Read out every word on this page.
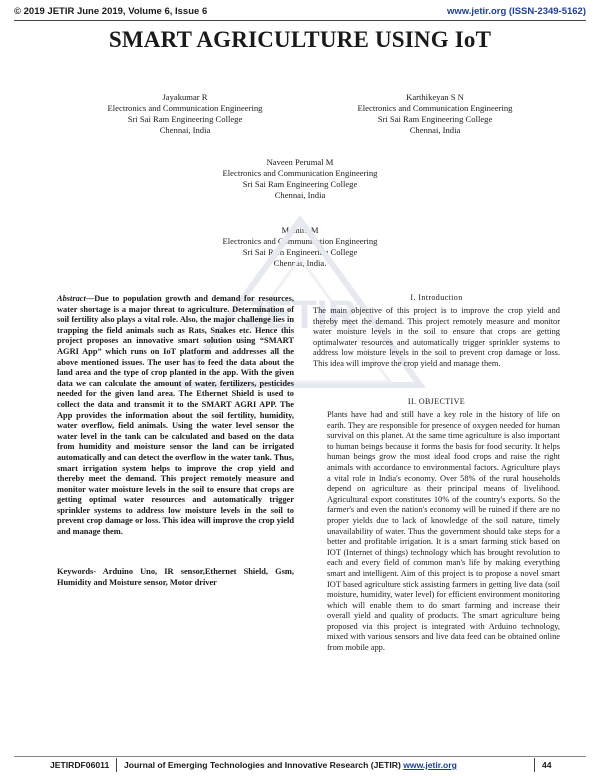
© 2019 JETIR June 2019, Volume 6, Issue 6	www.jetir.org (ISSN-2349-5162)
SMART AGRICULTURE USING IoT
Jayakumar R
Electronics and Communication Engineering
Sri Sai Ram Engineering College
Chennai, India
Karthikeyan S N
Electronics and Communication Engineering
Sri Sai Ram Engineering College
Chennai, India
Naveen Perumal M
Electronics and Communication Engineering
Sri Sai Ram Engineering College
Chennai, India
Methini M
Electronics and Communication Engineering
Sri Sai Ram Engineering College
Chennai, India.
JETIR
Abstract—Due to population growth and demand for resources, water shortage is a major threat to agriculture. Determination of soil fertility also plays a vital role. Also, the major challenge lies in trapping the field animals such as Rats, Snakes etc. Hence this project proposes an innovative smart solution using “SMART AGRI App” which runs on IoT platform and addresses all the above mentioned issues. The user has to feed the data about the land area and the type of crop planted in the app. With the given data we can calculate the amount of water, fertilizers, pesticides needed for the given land area. The Ethernet Shield is used to collect the data and transmit it to the SMART AGRI APP. The App provides the information about the soil fertility, humidity, water overflow, field animals. Using the water level sensor the water level in the tank can be calculated and based on the data from humidity and moisture sensor the land can be irrigated automatically and can detect the overflow in the water tank. Thus, smart irrigation system helps to improve the crop yield and thereby meet the demand. This project remotely measure and monitor water moisture levels in the soil to ensure that crops are getting optimal water resources and automatically trigger sprinkler systems to address low moisture levels in the soil to prevent crop damage or loss. This idea will improve the crop yield and manage them.
Keywords- Arduino Uno, IR sensor,Ethernet Shield, Gsm, Humidity and Moisture sensor, Motor driver
I. Introduction
The main objective of this project is to improve the crop yield and thereby meet the demand. This project remotely measure and monitor water moisture levels in the soil to ensure that crops are getting optimalwater resources and automatically trigger sprinkler systems to address low moisture levels in the soil to prevent crop damage or loss. This idea will improve the crop yield and manage them.
II. OBJECTIVE
Plants have had and still have a key role in the history of life on earth. They are responsible for presence of oxygen needed for human survival on this planet. At the same time agriculture is also important to human beings because it forms the basis for food security. It helps human beings grow the most ideal food crops and raise the right animals with accordance to environmental factors. Agriculture plays a vital role in India's economy. Over 58% of the rural households depend on agriculture as their principal means of livelihood. Agricultural export constitutes 10% of the country's exports. So the farmer's and even the nation's economy will be ruined if there are no proper yields due to lack of knowledge of the soil nature, timely unavailability of water. Thus the government should take steps for a better and profitable irrigation. It is a smart farming stick based on IOT (Internet of things) technology which has brought revolution to each and every field of common man's life by making everything smart and intelligent. Aim of this project is to propose a novel smart IOT based agriculture stick assisting farmers in getting live data (soil moisture, humidity, water level) for efficient environment monitoring which will enable them to do smart farming and increase their overall yield and quality of products. The smart agriculture being proposed via this project is integrated with Arduino technology, mixed with various sensors and live data feed can be obtained online from mobile app.
JETIRDF06011 Journal of Emerging Technologies and Innovative Research (JETIR) www.jetir.org	44
